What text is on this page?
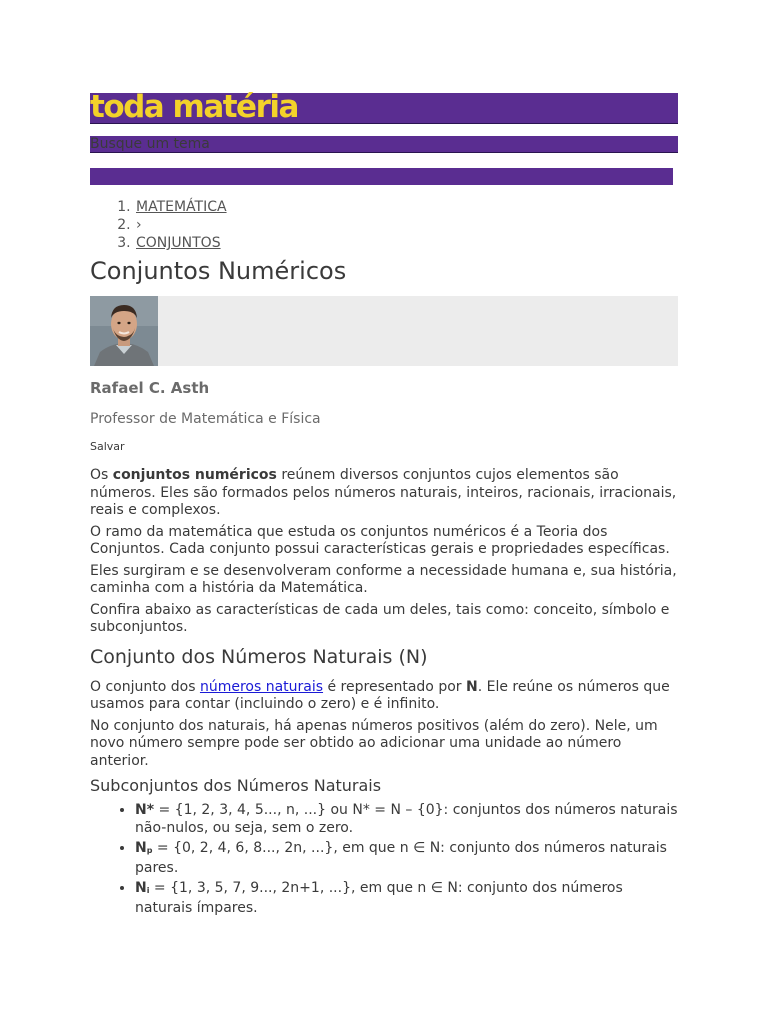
toda matéria
Busque um tema
1. MATEMÁTICA
2. ›
3. CONJUNTOS
Conjuntos Numéricos
Rafael C. Asth
Professor de Matemática e Física
Salvar

Os conjuntos numéricos reúnem diversos conjuntos cujos elementos são números. Eles são formados pelos números naturais, inteiros, racionais, irracionais, reais e complexos.

O ramo da matemática que estuda os conjuntos numéricos é a Teoria dos Conjuntos. Cada conjunto possui características gerais e propriedades específicas.

Eles surgiram e se desenvolveram conforme a necessidade humana e, sua história, caminha com a história da Matemática.

Confira abaixo as características de cada um deles, tais como: conceito, símbolo e subconjuntos.

Conjunto dos Números Naturais (N)

O conjunto dos números naturais é representado por N. Ele reúne os números que usamos para contar (incluindo o zero) e é infinito.

No conjunto dos naturais, há apenas números positivos (além do zero). Nele, um novo número sempre pode ser obtido ao adicionar uma unidade ao número anterior.

Subconjuntos dos Números Naturais
• N* = {1, 2, 3, 4, 5..., n, ...} ou N* = N – {0}: conjuntos dos números naturais não-nulos, ou seja, sem o zero.
• Np = {0, 2, 4, 6, 8..., 2n, ...}, em que n ∈ N: conjunto dos números naturais pares.
• Ni = {1, 3, 5, 7, 9..., 2n+1, ...}, em que n ∈ N: conjunto dos números naturais ímpares.
